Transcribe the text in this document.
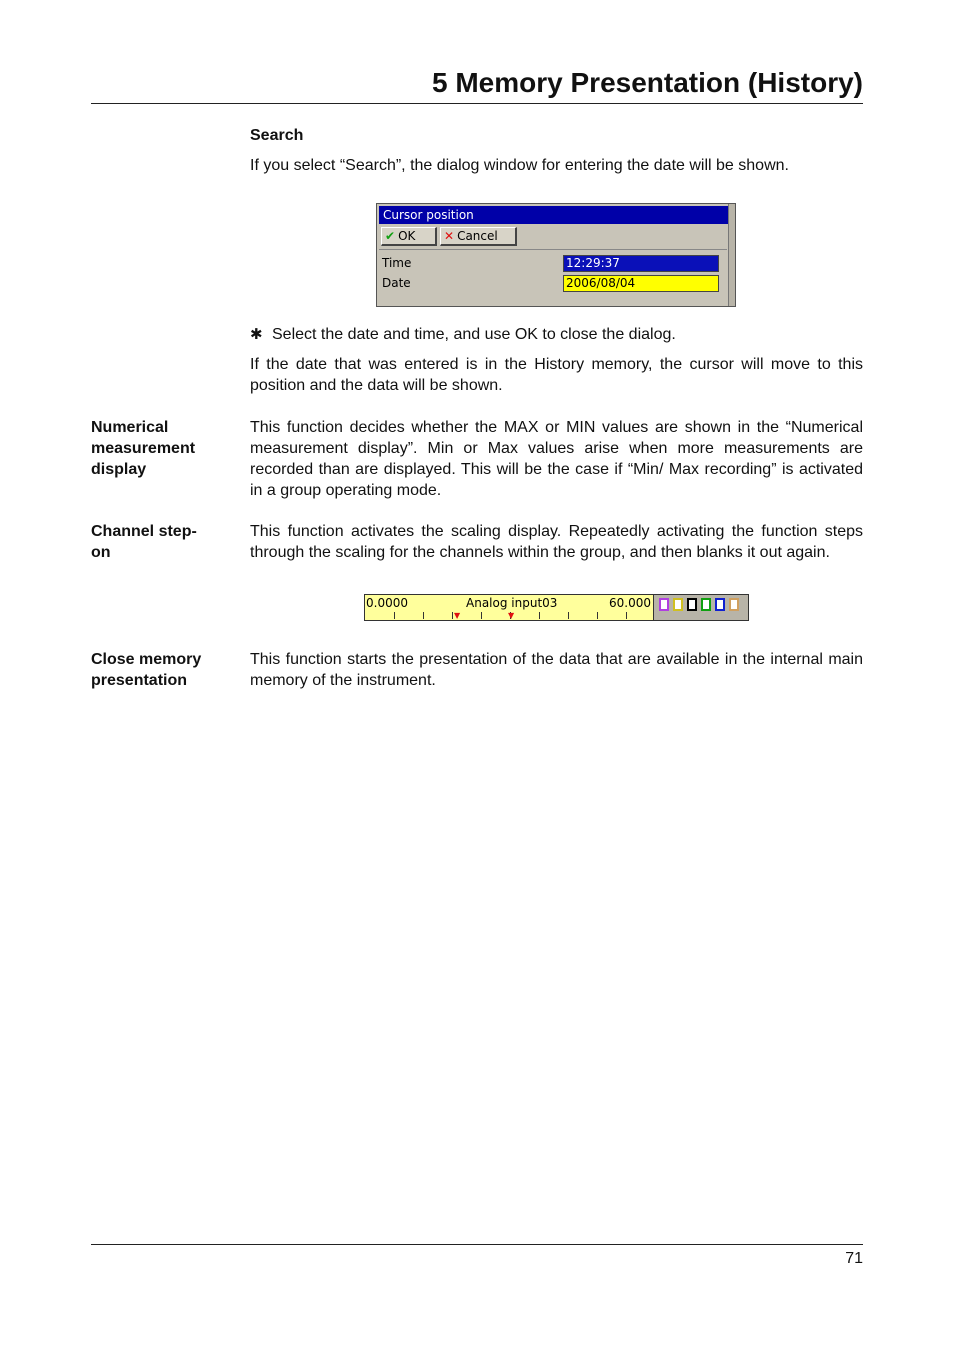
5 Memory Presentation (History)
Search

If you select “Search”, the dialog window for entering the date will be shown.

Cursor position
✔ OK	✕ Cancel
Time	12:29:37
Date	2006/08/04
✱ Select the date and time, and use OK to close the dialog.

If the date that was entered is in the History memory, the cursor will move to this position and the data will be shown.

Numerical
measurement
display

This function decides whether the MAX or MIN values are shown in the “Numerical measurement display”. Min or Max values arise when more measurements are recorded than are displayed. This will be the case if “Min/ Max recording” is activated in a group operating mode.

Channel step-
on

This function activates the scaling display. Repeatedly activating the function steps through the scaling for the channels within the group, and then blanks it out again.

0.0000	Analog input03	60.000
▼	▼
Close memory
presentation

This function starts the presentation of the data that are available in the internal main memory of the instrument.

71
